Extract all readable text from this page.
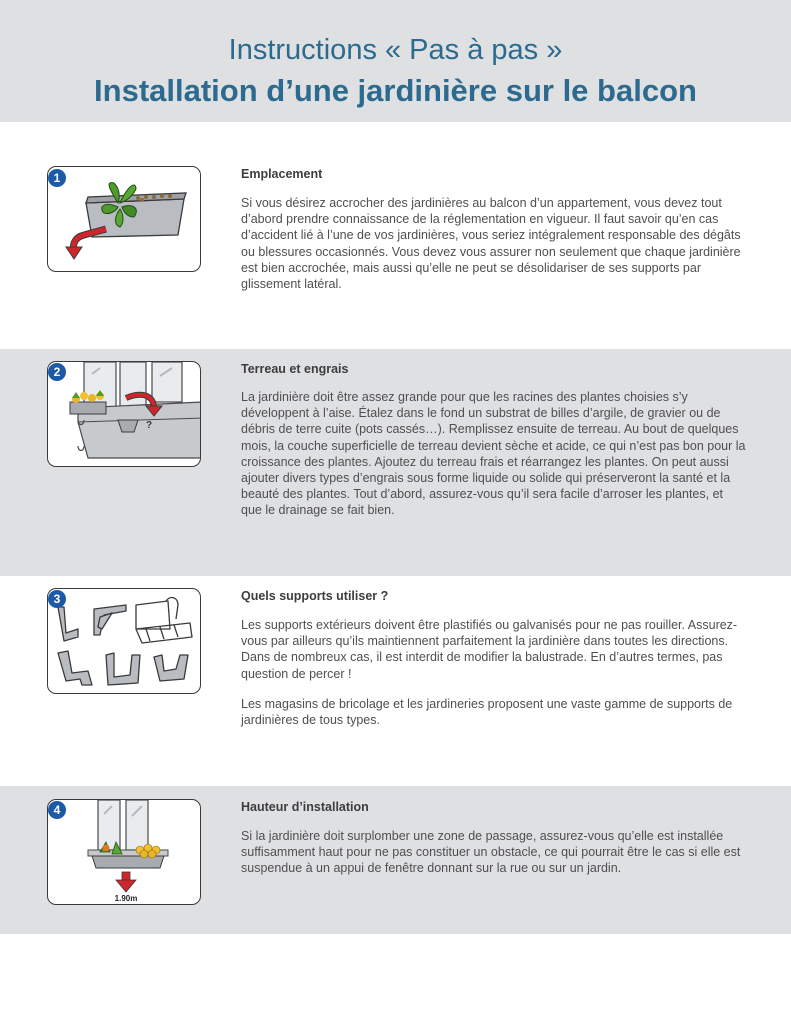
Instructions « Pas à pas »
Installation d’une jardinière sur le balcon
1	Emplacement

Si vous désirez accrocher des jardinières au balcon d’un appartement, vous devez tout d’abord prendre connaissance de la réglementation en vigueur. Il faut savoir qu’en cas d’accident lié à l’une de vos jardinières, vous seriez intégralement responsable des dégâts ou blessures occasionnés. Vous devez vous assurer non seulement que chaque jardinière est bien accrochée, mais aussi qu’elle ne peut se désolidariser de ses supports par glissement latéral.

2
?
Terreau et engrais

La jardinière doit être assez grande pour que les racines des plantes choisies s’y développent à l’aise. Étalez dans le fond un substrat de billes d’argile, de gravier ou de débris de terre cuite (pots cassés…). Remplissez ensuite de terreau. Au bout de quelques mois, la couche superficielle de terreau devient sèche et acide, ce qui n’est pas bon pour la croissance des plantes. Ajoutez du terreau frais et réarrangez les plantes. On peut aussi ajouter divers types d’engrais sous forme liquide ou solide qui préserveront la santé et la beauté des plantes. Tout d’abord, assurez-vous qu’il sera facile d’arroser les plantes, et que le drainage se fait bien.

3	Quels supports utiliser ?

Les supports extérieurs doivent être plastifiés ou galvanisés pour ne pas rouiller. Assurez-vous par ailleurs qu’ils maintiennent parfaitement la jardinière dans toutes les directions. Dans de nombreux cas, il est interdit de modifier la balustrade. En d’autres termes, pas question de percer !

Les magasins de bricolage et les jardineries proposent une vaste gamme de supports de jardinières de tous types.

4
1.90m
Hauteur d’installation

Si la jardinière doit surplomber une zone de passage, assurez-vous qu’elle est installée suffisamment haut pour ne pas constituer un obstacle, ce qui pourrait être le cas si elle est suspendue à un appui de fenêtre donnant sur la rue ou sur un jardin.
